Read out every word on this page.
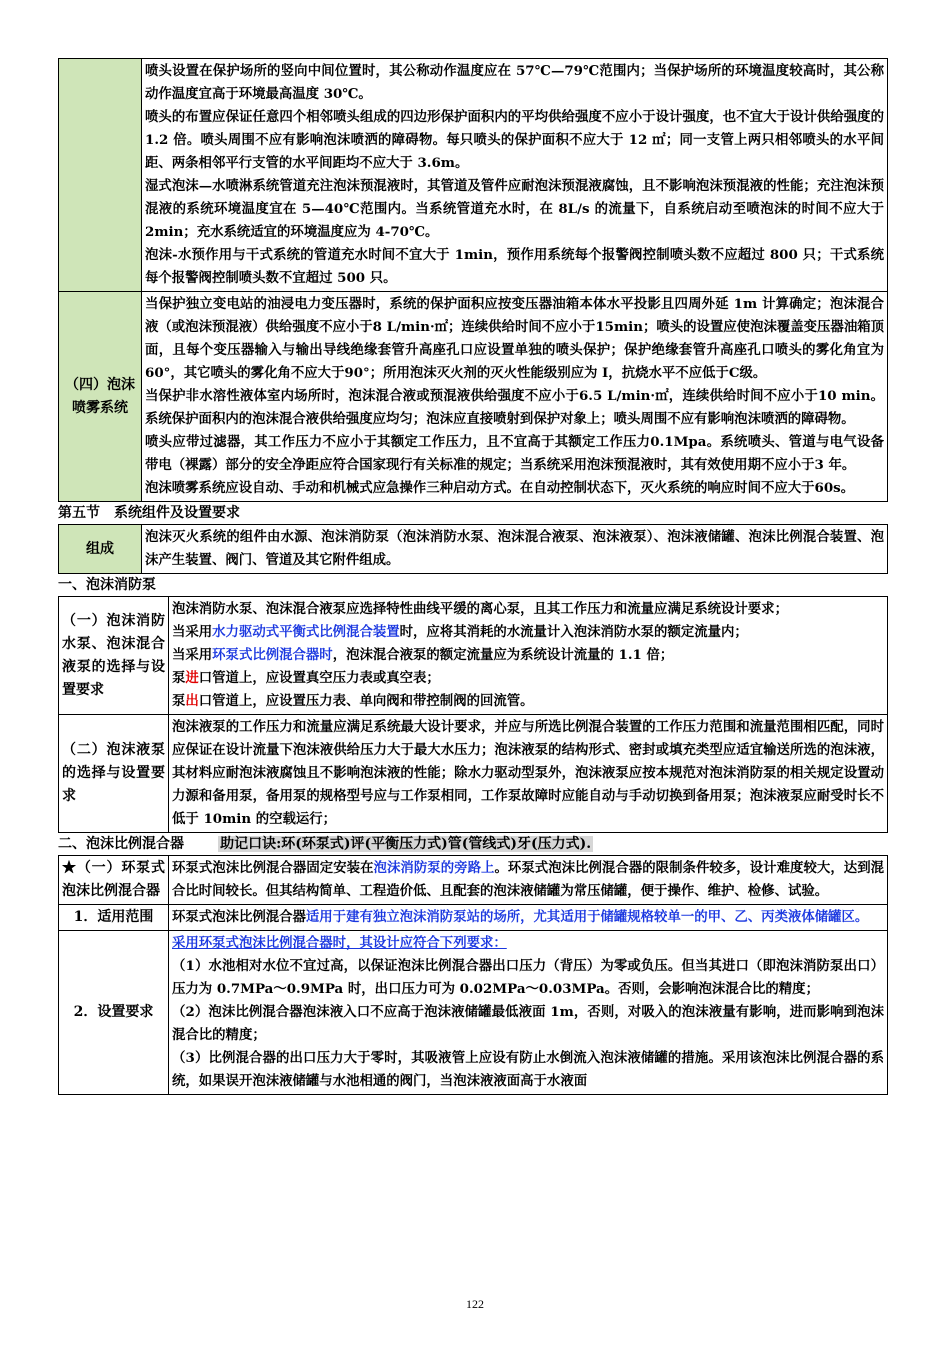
	喷头设置在保护场所的竖向中间位置时，其公称动作温度应在 57℃—79℃范围内；当保护场所的环境温度较高时，其公称动作温度宜高于环境最高温度 30℃。

喷头的布置应保证任意四个相邻喷头组成的四边形保护面积内的平均供给强度不应小于设计强度，也不宜大于设计供给强度的 1.2 倍。喷头周围不应有影响泡沫喷洒的障碍物。每只喷头的保护面积不应大于 12 ㎡；同一支管上两只相邻喷头的水平间距、两条相邻平行支管的水平间距均不应大于 3.6m。

湿式泡沫—水喷淋系统管道充注泡沫预混液时，其管道及管件应耐泡沫预混液腐蚀，且不影响泡沫预混液的性能；充注泡沫预混液的系统环境温度宜在 5—40℃范围内。当系统管道充水时，在 8L/s 的流量下，自系统启动至喷泡沫的时间不应大于 2min；充水系统适宜的环境温度应为 4-70℃。

泡沫-水预作用与干式系统的管道充水时间不宜大于 1min，预作用系统每个报警阀控制喷头数不应超过 800 只；干式系统每个报警阀控制喷头数不宜超过 500 只。

（四）泡沫喷雾系统	当保护独立变电站的油浸电力变压器时，系统的保护面积应按变压器油箱本体水平投影且四周外延 1m 计算确定；泡沫混合液（或泡沫预混液）供给强度不应小于8 L/min·㎡；连续供给时间不应小于15min；喷头的设置应使泡沫覆盖变压器油箱顶面，且每个变压器输入与输出导线绝缘套管升高座孔口应设置单独的喷头保护；保护绝缘套管升高座孔口喷头的雾化角宜为60°，其它喷头的雾化角不应大于90°；所用泡沫灭火剂的灭火性能级别应为 I，抗烧水平不应低于C级。

当保护非水溶性液体室内场所时，泡沫混合液或预混液供给强度不应小于6.5 L/min·㎡，连续供给时间不应小于10 min。系统保护面积内的泡沫混合液供给强度应均匀；泡沫应直接喷射到保护对象上；喷头周围不应有影响泡沫喷洒的障碍物。

喷头应带过滤器，其工作压力不应小于其额定工作压力，且不宜高于其额定工作压力0.1Mpa。系统喷头、管道与电气设备带电（裸露）部分的安全净距应符合国家现行有关标准的规定；当系统采用泡沫预混液时，其有效使用期不应小于3 年。

泡沫喷雾系统应设自动、手动和机械式应急操作三种启动方式。在自动控制状态下，灭火系统的响应时间不应大于60s。

第五节　系统组件及设置要求
组成	泡沫灭火系统的组件由水源、泡沫消防泵（泡沫消防水泵、泡沫混合液泵、泡沫液泵）、泡沫液储罐、泡沫比例混合装置、泡沫产生装置、阀门、管道及其它附件组成。
一、泡沫消防泵
（一）泡沫消防水泵、泡沫混合液泵的选择与设置要求	泡沫消防水泵、泡沫混合液泵应选择特性曲线平缓的离心泵，且其工作压力和流量应满足系统设计要求；

当采用水力驱动式平衡式比例混合装置时，应将其消耗的水流量计入泡沫消防水泵的额定流量内；

当采用环泵式比例混合器时，泡沫混合液泵的额定流量应为系统设计流量的 1.1 倍；

泵进口管道上，应设置真空压力表或真空表；

泵出口管道上，应设置压力表、单向阀和带控制阀的回流管。

（二）泡沫液泵的选择与设置要求	泡沫液泵的工作压力和流量应满足系统最大设计要求，并应与所选比例混合装置的工作压力范围和流量范围相匹配，同时应保证在设计流量下泡沫液供给压力大于最大水压力；泡沫液泵的结构形式、密封或填充类型应适宜输送所选的泡沫液，其材料应耐泡沫液腐蚀且不影响泡沫液的性能；除水力驱动型泵外，泡沫液泵应按本规范对泡沫消防泵的相关规定设置动力源和备用泵，备用泵的规格型号应与工作泵相同，工作泵故障时应能自动与手动切换到备用泵；泡沫液泵应耐受时长不低于 10min 的空载运行；
二、泡沫比例混合器	助记口诀:环(环泵式)评(平衡压力式)管(管线式)牙(压力式).
★（一）环泵式泡沫比例混合器	环泵式泡沫比例混合器固定安装在泡沫消防泵的旁路上。环泵式泡沫比例混合器的限制条件较多，设计难度较大，达到混合比时间较长。但其结构简单、工程造价低、且配套的泡沫液储罐为常压储罐，便于操作、维护、检修、试验。
1．适用范围	环泵式泡沫比例混合器适用于建有独立泡沫消防泵站的场所，尤其适用于储罐规格较单一的甲、乙、丙类液体储罐区。
2．设置要求	采用环泵式泡沫比例混合器时，其设计应符合下列要求：

（1）水池相对水位不宜过高，以保证泡沫比例混合器出口压力（背压）为零或负压。但当其进口（即泡沫消防泵出口）压力为 0.7MPa～0.9MPa 时，出口压力可为 0.02MPa～0.03MPa。否则，会影响泡沫混合比的精度；

（2）泡沫比例混合器泡沫液入口不应高于泡沫液储罐最低液面 1m，否则，对吸入的泡沫液量有影响，进而影响到泡沫混合比的精度；

（3）比例混合器的出口压力大于零时，其吸液管上应设有防止水倒流入泡沫液储罐的措施。采用该泡沫比例混合器的系统，如果误开泡沫液储罐与水池相通的阀门，当泡沫液液面高于水液面

122
